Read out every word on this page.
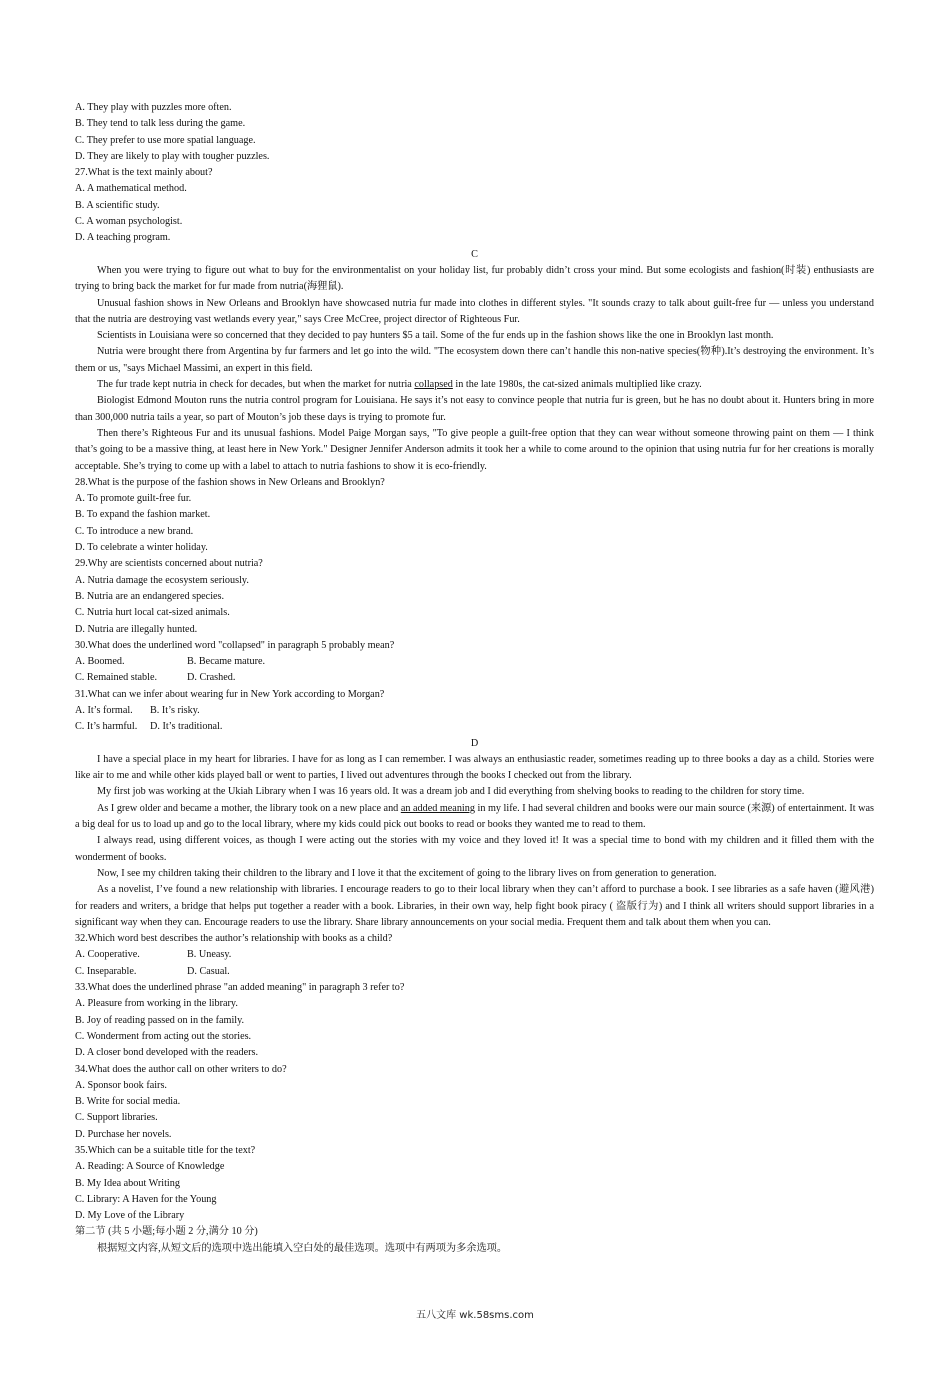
A. They play with puzzles more often.

B. They tend to talk less during the game.

C. They prefer to use more spatial language.

D. They are likely to play with tougher puzzles.

27.What is the text mainly about?

A. A mathematical method.

B. A scientific study.

C. A woman psychologist.

D. A teaching program.

C

When you were trying to figure out what to buy for the environmentalist on your holiday list, fur probably didn’t cross your mind. But some ecologists and fashion(时装) enthusiasts are trying to bring back the market for fur made from nutria(海狸鼠).

Unusual fashion shows in New Orleans and Brooklyn have showcased nutria fur made into clothes in different styles. "It sounds crazy to talk about guilt-free fur — unless you understand that the nutria are destroying vast wetlands every year," says Cree McCree, project director of Righteous Fur.

Scientists in Louisiana were so concerned that they decided to pay hunters $5 a tail. Some of the fur ends up in the fashion shows like the one in Brooklyn last month.

Nutria were brought there from Argentina by fur farmers and let go into the wild. "The ecosystem down there can’t handle this non-native species(物种).It’s destroying the environment. It’s them or us, "says Michael Massimi, an expert in this field.

The fur trade kept nutria in check for decades, but when the market for nutria collapsed in the late 1980s, the cat-sized animals multiplied like crazy.

Biologist Edmond Mouton runs the nutria control program for Louisiana. He says it’s not easy to convince people that nutria fur is green, but he has no doubt about it. Hunters bring in more than 300,000 nutria tails a year, so part of Mouton’s job these days is trying to promote fur.

Then there’s Righteous Fur and its unusual fashions. Model Paige Morgan says, "To give people a guilt-free option that they can wear without someone throwing paint on them — I think that’s going to be a massive thing, at least here in New York." Designer Jennifer Anderson admits it took her a while to come around to the opinion that using nutria fur for her creations is morally acceptable. She’s trying to come up with a label to attach to nutria fashions to show it is eco-friendly.

28.What is the purpose of the fashion shows in New Orleans and Brooklyn?

A. To promote guilt-free fur.

B. To expand the fashion market.

C. To introduce a new brand.

D. To celebrate a winter holiday.

29.Why are scientists concerned about nutria?

A. Nutria damage the ecosystem seriously.

B. Nutria are an endangered species.

C. Nutria hurt local cat-sized animals.

D. Nutria are illegally hunted.

30.What does the underlined word "collapsed" in paragraph 5 probably mean?

A. Boomed.	B. Became mature.

C. Remained stable.	D. Crashed.

31.What can we infer about wearing fur in New York according to Morgan?

A. It’s formal. B. It’s risky.

C. It’s harmful. D. It’s traditional.

D

I have a special place in my heart for libraries. I have for as long as I can remember. I was always an enthusiastic reader, sometimes reading up to three books a day as a child. Stories were like air to me and while other kids played ball or went to parties, I lived out adventures through the books I checked out from the library.

My first job was working at the Ukiah Library when I was 16 years old. It was a dream job and I did everything from shelving books to reading to the children for story time.

As I grew older and became a mother, the library took on a new place and an added meaning in my life. I had several children and books were our main source (来源) of entertainment. It was a big deal for us to load up and go to the local library, where my kids could pick out books to read or books they wanted me to read to them.

I always read, using different voices, as though I were acting out the stories with my voice and they loved it! It was a special time to bond with my children and it filled them with the wonderment of books.

Now, I see my children taking their children to the library and I love it that the excitement of going to the library lives on from generation to generation.

As a novelist, I’ve found a new relationship with libraries. I encourage readers to go to their local library when they can’t afford to purchase a book. I see libraries as a safe haven (避风港) for readers and writers, a bridge that helps put together a reader with a book. Libraries, in their own way, help fight book piracy ( 盗版行为) and I think all writers should support libraries in a significant way when they can. Encourage readers to use the library. Share library announcements on your social media. Frequent them and talk about them when you can.

32.Which word best describes the author’s relationship with books as a child?

A. Cooperative.	B. Uneasy.

C. Inseparable.	D. Casual.

33.What does the underlined phrase "an added meaning" in paragraph 3 refer to?

A. Pleasure from working in the library.

B. Joy of reading passed on in the family.

C. Wonderment from acting out the stories.

D. A closer bond developed with the readers.

34.What does the author call on other writers to do?

A. Sponsor book fairs.

B. Write for social media.

C. Support libraries.

D. Purchase her novels.

35.Which can be a suitable title for the text?

A. Reading: A Source of Knowledge

B. My Idea about Writing

C. Library: A Haven for the Young

D. My Love of the Library

第二节 (共 5 小题;每小题 2 分,满分 10 分)

根据短文内容,从短文后的选项中选出能填入空白处的最佳选项。选项中有两项为多余选项。

五八文库 wk.58sms.com
